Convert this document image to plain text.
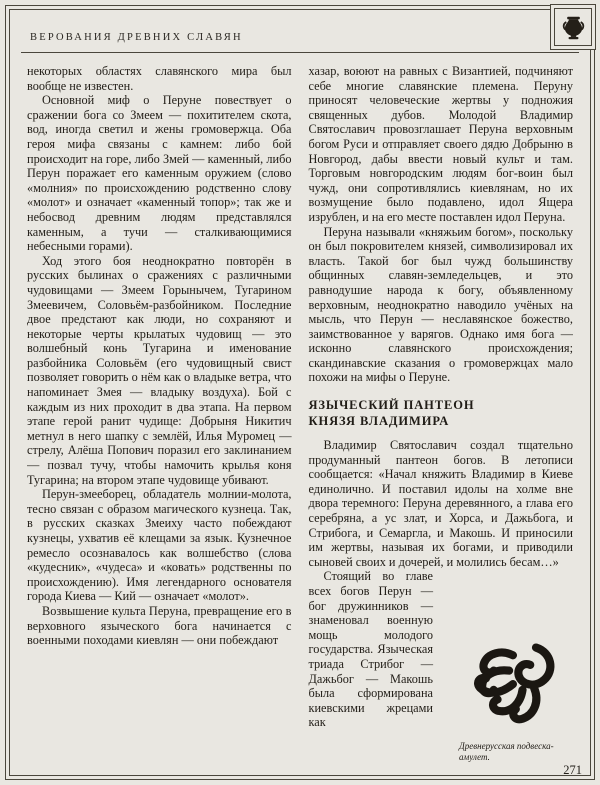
ВЕРОВАНИЯ ДРЕВНИХ СЛАВЯН

некоторых областях славянского мира был вообще не известен.

Основной миф о Перуне повествует о сражении бога со Змеем — похитителем скота, вод, иногда светил и жены громовержца. Оба героя мифа связаны с камнем: либо бой происходит на горе, либо Змей — каменный, либо Перун поражает его каменным оружием (слово «молния» по происхождению родственно слову «молот» и означает «каменный топор»; так же и небосвод древним людям представлялся каменным, а тучи — сталкивающимися небесными горами).

Ход этого боя неоднократно повторён в русских былинах о сражениях с различными чудовищами — Змеем Горынычем, Тугарином Змеевичем, Соловьём-разбойником. Последние двое предстают как люди, но сохраняют и некоторые черты крылатых чудовищ — это волшебный конь Тугарина и именование разбойника Соловьём (его чудовищный свист позволяет говорить о нём как о владыке ветра, что напоминает Змея — владыку воздуха). Бой с каждым из них проходит в два этапа. На первом этапе герой ранит чудище: Добрыня Никитич метнул в него шапку с землёй, Илья Муромец — стрелу, Алёша Попович поразил его заклинанием — позвал тучу, чтобы намочить крылья коня Тугарина; на втором этапе чудовище убивают.

Перун-змееборец, обладатель молнии-молота, тесно связан с образом магического кузнеца. Так, в русских сказках Змеиху часто побеждают кузнецы, ухватив её клещами за язык. Кузнечное ремесло осознавалось как волшебство (слова «кудесник», «чудеса» и «ковать» родственны по происхождению). Имя легендарного основателя города Киева — Кий — означает «молот».

Возвышение культа Перуна, превращение его в верховного языческого бога начинается с военными походами киевлян — они побеждают

хазар, воюют на равных с Византией, подчиняют себе многие славянские племена. Перуну приносят человеческие жертвы у подножия священных дубов. Молодой Владимир Святославич провозглашает Перуна верховным богом Руси и отправляет своего дядю Добрыню в Новгород, дабы ввести новый культ и там. Торговым новгородским людям бог-воин был чужд, они сопротивлялись киевлянам, но их возмущение было подавлено, идол Ящера изрублен, и на его месте поставлен идол Перуна.

Перуна называли «княжьим богом», поскольку он был покровителем князей, символизировал их власть. Такой бог был чужд большинству общинных славян-земледельцев, и это равнодушие народа к богу, объявленному верховным, неоднократно наводило учёных на мысль, что Перун — неславянское божество, заимствованное у варягов. Однако имя бога — исконно славянского происхождения; скандинавские сказания о громовержцах мало похожи на мифы о Перуне.

ЯЗЫЧЕСКИЙ ПАНТЕОН КНЯЗЯ ВЛАДИМИРА

Владимир Святославич создал тщательно продуманный пантеон богов. В летописи сообщается: «Начал княжить Владимир в Киеве единолично. И поставил идолы на холме вне двора теремного: Перуна деревянного, а глава его серебряна, а ус злат, и Хорса, и Дажьбога, и Стрибога, и Семаргла, и Макошь. И приносили им жертвы, называя их богами, и приводили сыновей своих и дочерей, и молились бесам…»

Стоящий во главе всех богов Перун — бог дружинников — знаменовал военную мощь молодого государства. Языческая триада Стрибог — Дажьбог — Макошь была сформирована киевскими жрецами как

Древнерусская подвеска-амулет.
271
